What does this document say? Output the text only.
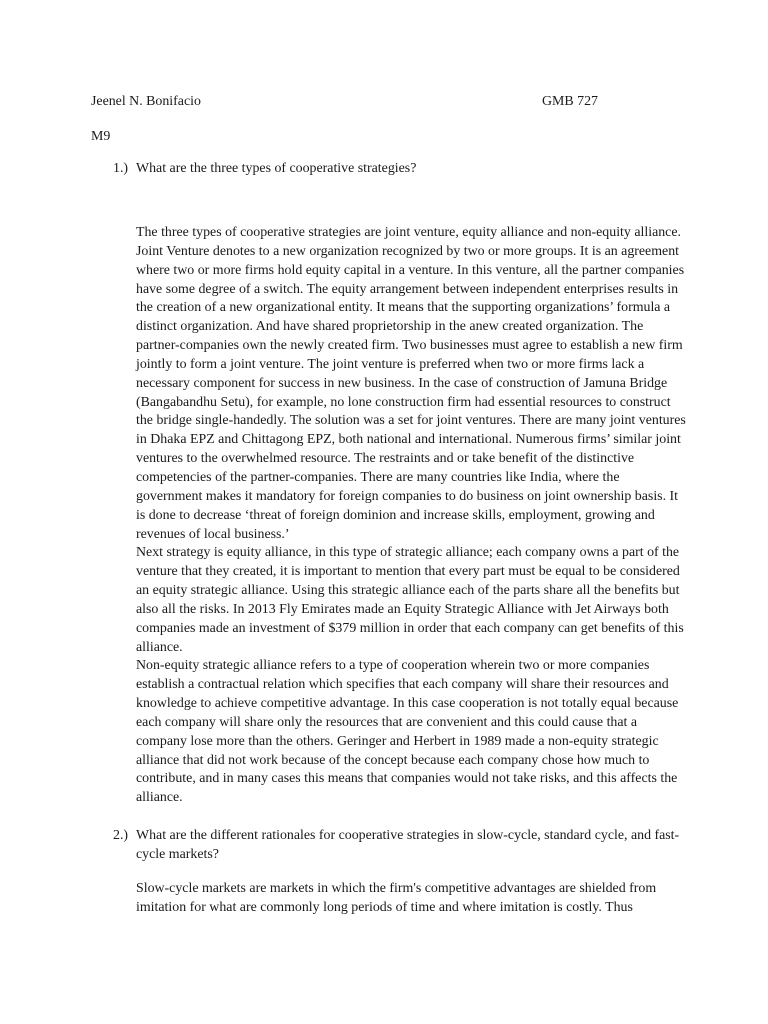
Jeenel N. Bonifacio	GMB 727
M9
1.) What are the three types of cooperative strategies?

The three types of cooperative strategies are joint venture, equity alliance and non-equity alliance. Joint Venture denotes to a new organization recognized by two or more groups. It is an agreement where two or more firms hold equity capital in a venture. In this venture, all the partner companies have some degree of a switch. The equity arrangement between independent enterprises results in the creation of a new organizational entity. It means that the supporting organizations’ formula a distinct organization. And have shared proprietorship in the anew created organization. The partner-companies own the newly created firm. Two businesses must agree to establish a new firm jointly to form a joint venture. The joint venture is preferred when two or more firms lack a necessary component for success in new business. In the case of construction of Jamuna Bridge (Bangabandhu Setu), for example, no lone construction firm had essential resources to construct the bridge single-handedly. The solution was a set for joint ventures. There are many joint ventures in Dhaka EPZ and Chittagong EPZ, both national and international. Numerous firms’ similar joint ventures to the overwhelmed resource. The restraints and or take benefit of the distinctive competencies of the partner-companies. There are many countries like India, where the government makes it mandatory for foreign companies to do business on joint ownership basis. It is done to decrease ‘threat of foreign dominion and increase skills, employment, growing and revenues of local business.’

Next strategy is equity alliance, in this type of strategic alliance; each company owns a part of the venture that they created, it is important to mention that every part must be equal to be considered an equity strategic alliance. Using this strategic alliance each of the parts share all the benefits but also all the risks. In 2013 Fly Emirates made an Equity Strategic Alliance with Jet Airways both companies made an investment of $379 million in order that each company can get benefits of this alliance.

Non-equity strategic alliance refers to a type of cooperation wherein two or more companies establish a contractual relation which specifies that each company will share their resources and knowledge to achieve competitive advantage. In this case cooperation is not totally equal because each company will share only the resources that are convenient and this could cause that a company lose more than the others. Geringer and Herbert in 1989 made a non-equity strategic alliance that did not work because of the concept because each company chose how much to contribute, and in many cases this means that companies would not take risks, and this affects the alliance.

2.) What are the different rationales for cooperative strategies in slow-cycle, standard cycle, and fast-cycle markets?

Slow-cycle markets are markets in which the firm's competitive advantages are shielded from imitation for what are commonly long periods of time and where imitation is costly. Thus
